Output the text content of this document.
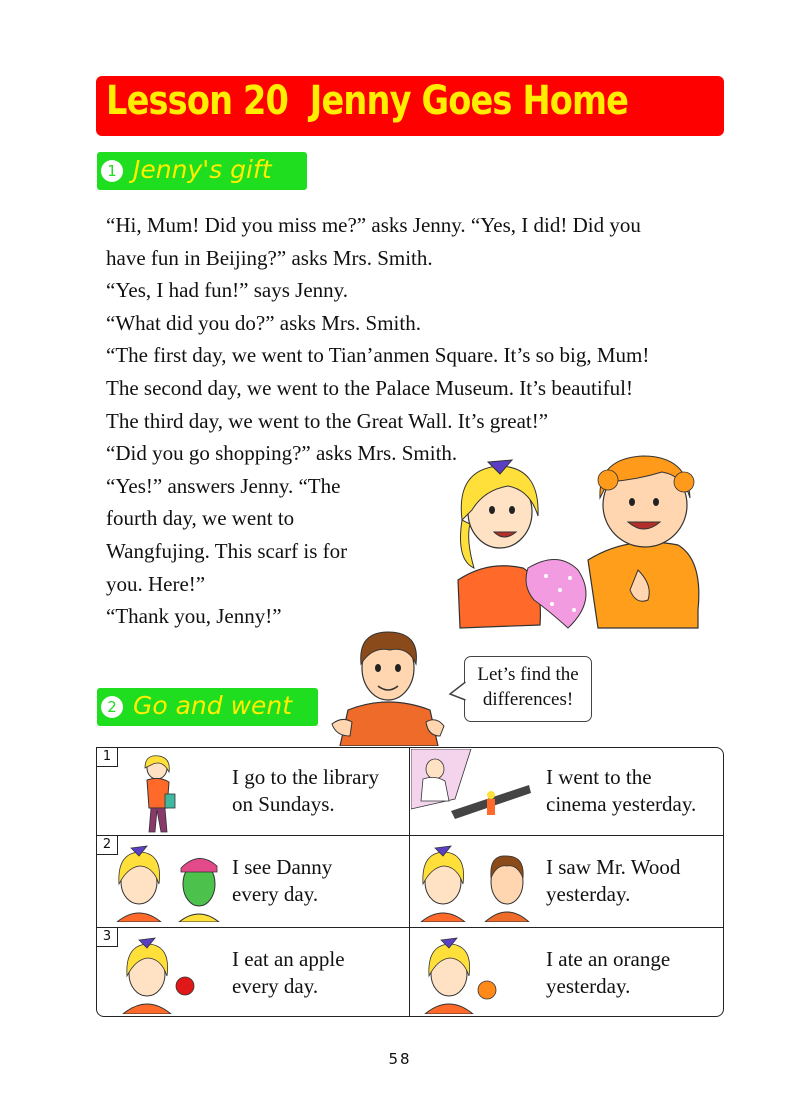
Lesson 20  Jenny Goes Home
1 Jenny's gift
“Hi, Mum! Did you miss me?” asks Jenny. “Yes, I did! Did you
have fun in Beijing?” asks Mrs. Smith.
“Yes, I had fun!” says Jenny.
“What did you do?” asks Mrs. Smith.
“The first day, we went to Tian’anmen Square. It’s so big, Mum!
The second day, we went to the Palace Museum. It’s beautiful!
The third day, we went to the Great Wall. It’s great!”
“Did you go shopping?” asks Mrs. Smith.
“Yes!” answers Jenny. “The
fourth day, we went to
Wangfujing. This scarf is for
you. Here!”
“Thank you, Jenny!”
2 Go and went
Let’s find the
differences!
1
I go to the library
on Sundays.
I went to the
cinema yesterday.
2
I see Danny
every day.
I saw Mr. Wood
yesterday.
3
I eat an apple
every day.
I ate an orange
yesterday.
58
